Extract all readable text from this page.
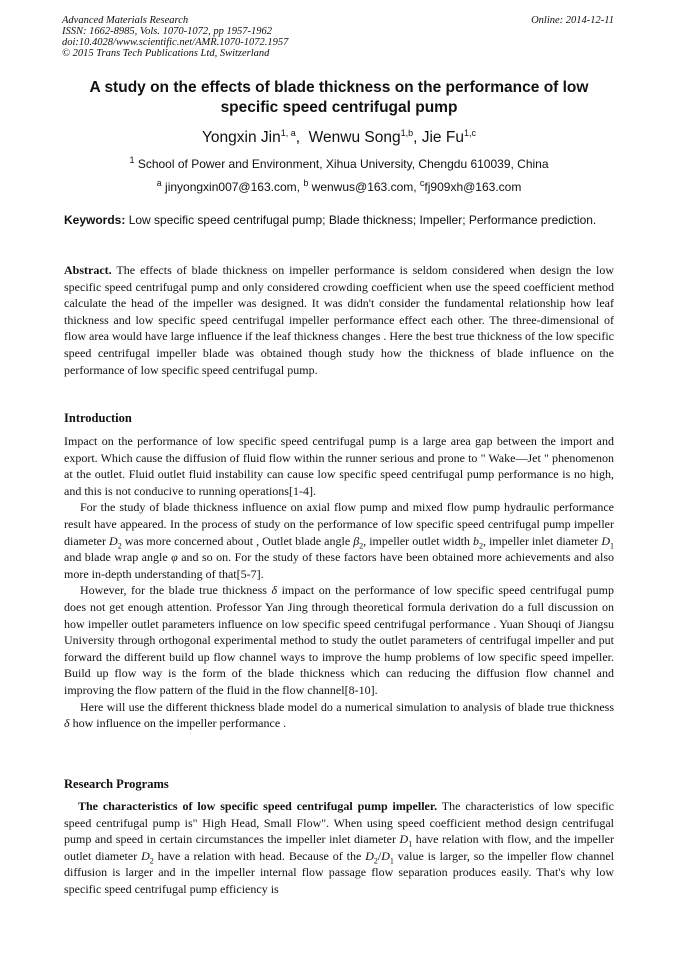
Advanced Materials Research
ISSN: 1662-8985, Vols. 1070-1072, pp 1957-1962
doi:10.4028/www.scientific.net/AMR.1070-1072.1957
© 2015 Trans Tech Publications Ltd, Switzerland
Online: 2014-12-11
A study on the effects of blade thickness on the performance of low specific speed centrifugal pump
Yongxin Jin$^{1, a}$,  Wenwu Song$^{1,b}$, Jie Fu$^{1,c}$
$^1$ School of Power and Environment, Xihua University, Chengdu 610039, China
$^a$ jinyongxin007@163.com, $^b$ wenwus@163.com, $^c$fj909xh@163.com
Keywords: Low specific speed centrifugal pump; Blade thickness; Impeller; Performance prediction.
Abstract. The effects of blade thickness on impeller performance is seldom considered when design the low specific speed centrifugal pump and only considered crowding coefficient when use the speed coefficient method calculate the head of the impeller was designed. It was didn't consider the fundamental relationship how leaf thickness and low specific speed centrifugal impeller performance effect each other. The three-dimensional of flow area would have large influence if the leaf thickness changes . Here the best true thickness of the low specific speed centrifugal impeller blade was obtained though study how the thickness of blade influence on the performance of low specific speed centrifugal pump.
Introduction

Impact on the performance of low specific speed centrifugal pump is a large area gap between the import and export. Which cause the diffusion of fluid flow within the runner serious and prone to " Wake—Jet " phenomenon at the outlet. Fluid outlet fluid instability can cause low specific speed centrifugal pump performance is no high, and this is not conducive to running operations[1-4].

For the study of blade thickness influence on axial flow pump and mixed flow pump hydraulic performance result have appeared. In the process of study on the performance of low specific speed centrifugal pump impeller diameter $D_2$ was more concerned about , Outlet blade angle $\beta_2$, impeller outlet width $b_2$, impeller inlet diameter $D_1$ and blade wrap angle φ and so on. For the study of these factors have been obtained more achievements and also more in-depth understanding of that[5-7].

However, for the blade true thickness δ impact on the performance of low specific speed centrifugal pump does not get enough attention. Professor Yan Jing through theoretical formula derivation do a full discussion on how impeller outlet parameters influence on low specific speed centrifugal performance . Yuan Shouqi of Jiangsu University through orthogonal experimental method to study the outlet parameters of centrifugal impeller and put forward the different build up flow channel ways to improve the hump problems of low specific speed impeller. Build up flow way is the form of the blade thickness which can reducing the diffusion flow channel and improving the flow pattern of the fluid in the flow channel[8-10].

Here will use the different thickness blade model do a numerical simulation to analysis of blade true thickness δ how influence on the impeller performance .

Research Programs

The characteristics of low specific speed centrifugal pump impeller. The characteristics of low specific speed centrifugal pump is" High Head, Small Flow". When using speed coefficient method design centrifugal pump and speed in certain circumstances the impeller inlet diameter $D_1$ have relation with flow, and the impeller outlet diameter $D_2$ have a relation with head. Because of the $D_2/D_1$ value is larger, so the impeller flow channel diffusion is larger and in the impeller internal flow passage flow separation produces easily. That's why low specific speed centrifugal pump efficiency is
